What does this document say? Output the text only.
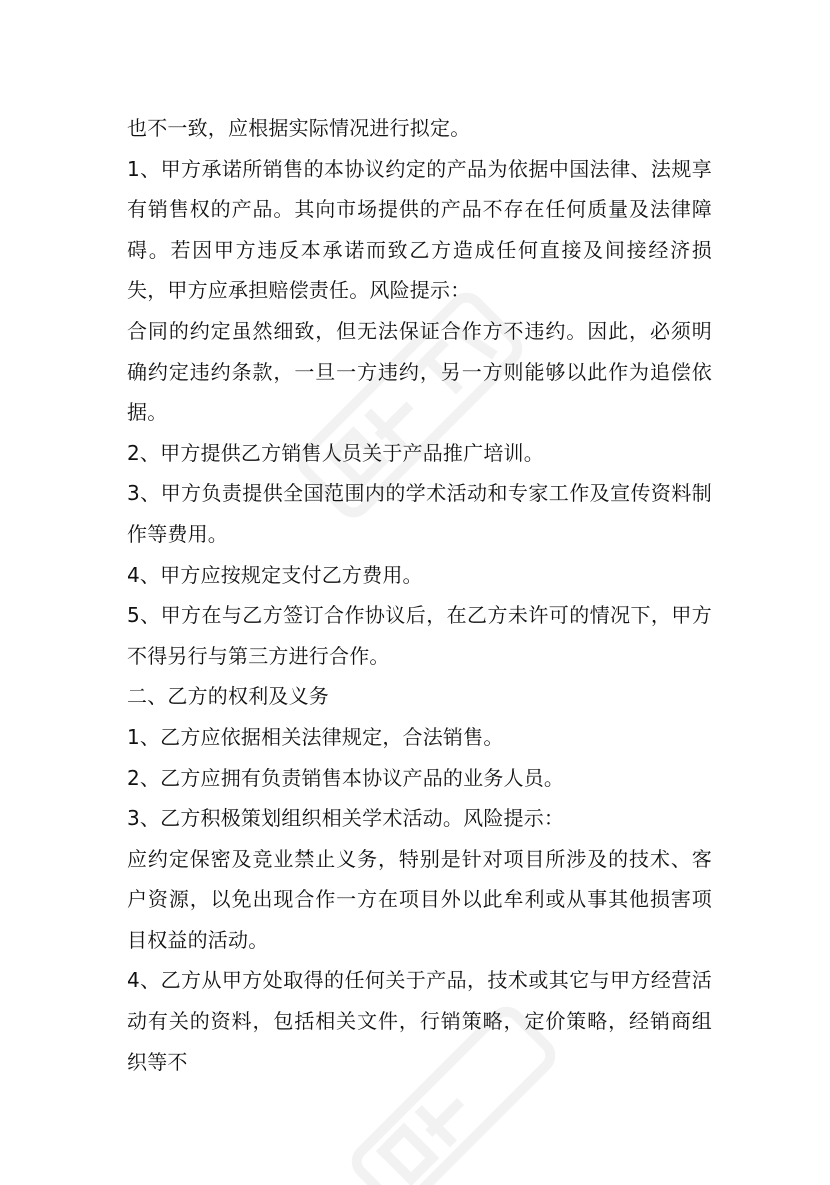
也不一致，应根据实际情况进行拟定。

1、甲方承诺所销售的本协议约定的产品为依据中国法律、法规享有销售权的产品。其向市场提供的产品不存在任何质量及法律障碍。若因甲方违反本承诺而致乙方造成任何直接及间接经济损失，甲方应承担赔偿责任。风险提示：

合同的约定虽然细致，但无法保证合作方不违约。因此，必须明确约定违约条款，一旦一方违约，另一方则能够以此作为追偿依据。

2、甲方提供乙方销售人员关于产品推广培训。

3、甲方负责提供全国范围内的学术活动和专家工作及宣传资料制作等费用。

4、甲方应按规定支付乙方费用。

5、甲方在与乙方签订合作协议后，在乙方未许可的情况下，甲方不得另行与第三方进行合作。

二、乙方的权利及义务

1、乙方应依据相关法律规定，合法销售。

2、乙方应拥有负责销售本协议产品的业务人员。

3、乙方积极策划组织相关学术活动。风险提示：

应约定保密及竞业禁止义务，特别是针对项目所涉及的技术、客户资源，以免出现合作一方在项目外以此牟利或从事其他损害项目权益的活动。

4、乙方从甲方处取得的任何关于产品，技术或其它与甲方经营活动有关的资料，包括相关文件，行销策略，定价策略，经销商组织等不
